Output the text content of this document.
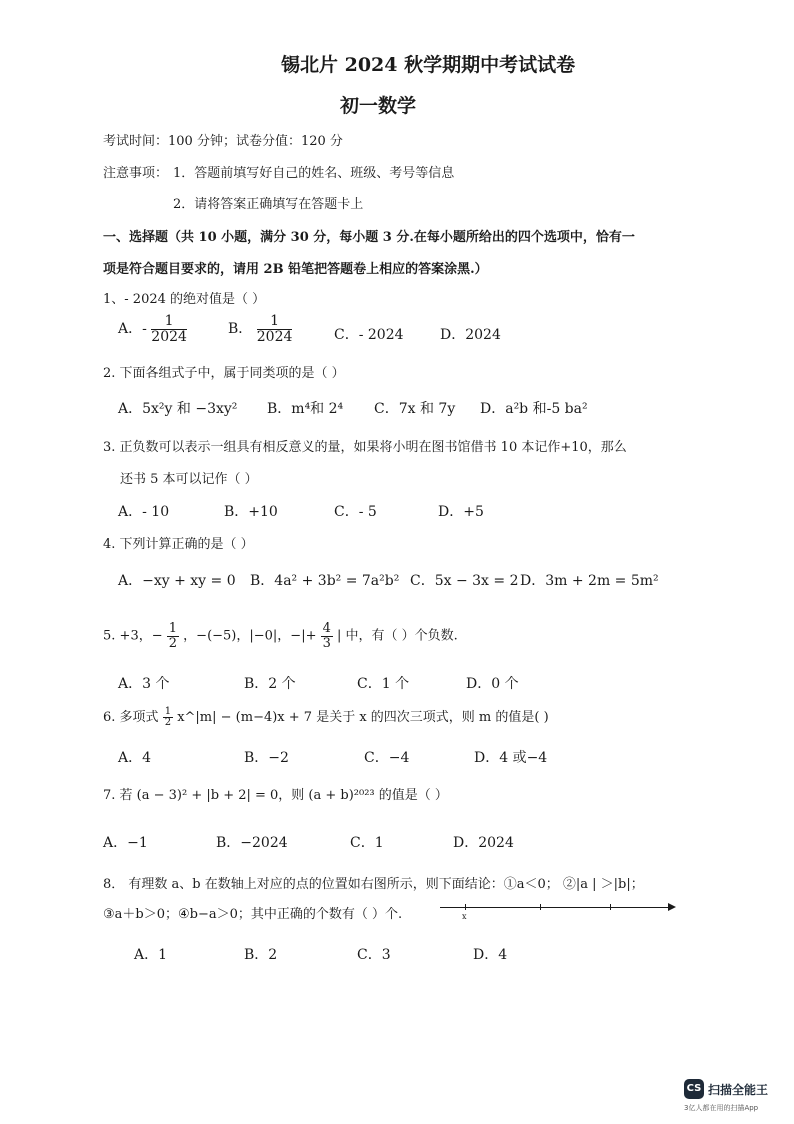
锡北片 2024 秋学期期中考试试卷
初一数学
考试时间：100 分钟；试卷分值：120 分
注意事项： 1．答题前填写好自己的姓名、班级、考号等信息
2．请将答案正确填写在答题卡上
一、选择题（共 10 小题，满分 30 分，每小题 3 分.在每小题所给出的四个选项中，恰有一
项是符合题目要求的，请用 2B 铅笔把答题卷上相应的答案涂黑.）
1、- 2024 的绝对值是（ ）
A．- $\frac{1}{2024}$	B． $\frac{1}{2024}$	C．- 2024	D．2024
2. 下面各组式子中，属于同类项的是（ ）
A．5x²y 和 −3xy² B．m⁴和 2⁴ C．7x 和 7y D．a²b 和-5 ba²
3. 正负数可以表示一组具有相反意义的量，如果将小明在图书馆借书 10 本记作+10，那么
还书 5 本可以记作（ ）
A．- 10	B．+10	C．- 5	D．+5
4. 下列计算正确的是（ ）
A．−xy + xy = 0 B．4a² + 3b² = 7a²b² C．5x − 3x = 2 D．3m + 2m = 5m²
5. +3，− $\frac{1}{2}$ ，−(−5)，|−0|，−|+ $\frac{4}{3}$ | 中，有（ ）个负数.
A．3 个	B．2 个	C．1 个	D．0 个
6. 多项式 $\frac{1}{2}$ x^|m| − (m−4)x + 7 是关于 x 的四次三项式，则 m 的值是( )
A．4	B．−2	C．−4	D．4 或−4
7. 若 (a − 3)² + |b + 2| = 0，则 (a + b)²⁰²³ 的值是（ ）
A．−1	B．−2024	C．1	D．2024
8． 有理数 a、b 在数轴上对应的点的位置如右图所示，则下面结论：①a＜0； ②|a | ＞|b|；
③a＋b＞0；④b−a＞0；其中正确的个数有（ ）个.	x
A．1	B．2	C．3	D．4
CS 扫描全能王
3亿人都在用的扫描App
